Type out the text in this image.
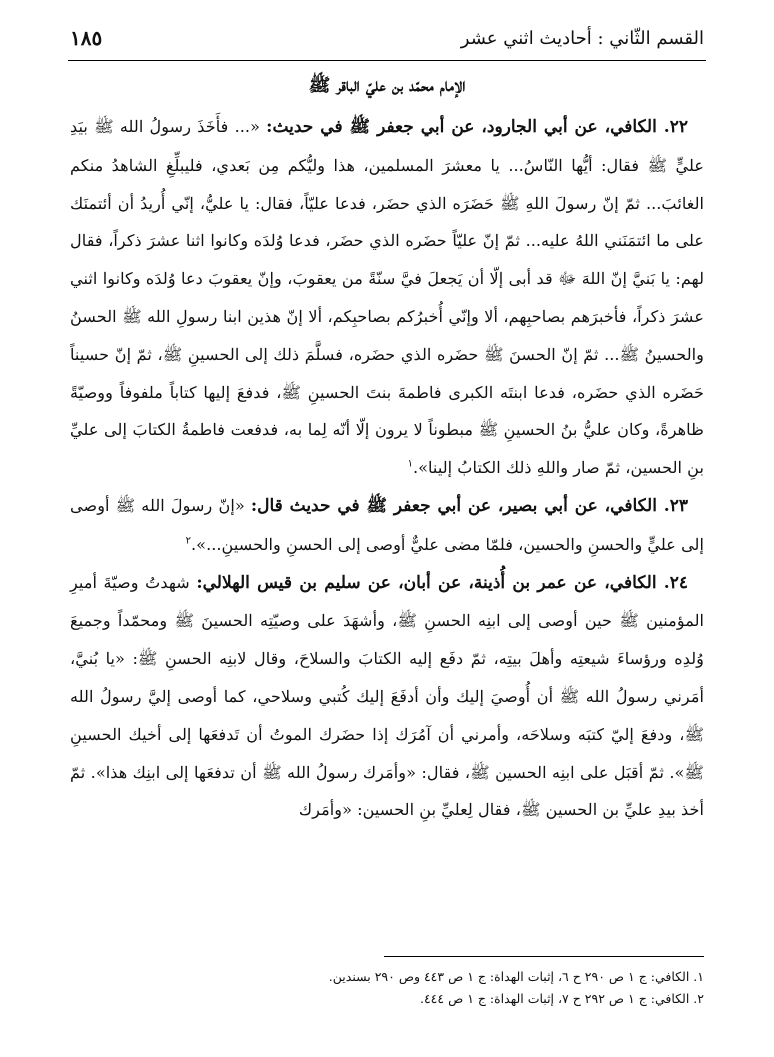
القسم الثّاني : أحاديث اثني عشر
١٨٥
الإمام محمّد بن عليّ الباقر ﷺ

٢٢. الكافي، عن أبي الجارود، عن أبي جعفر ﷺ في حديث: «... فأَخَذَ رسولُ الله ﷺ بيَدِ عليٍّ ﷺ فقال: أيُّها النّاسُ... يا معشرَ المسلمين، هذا وليُّكم مِن بَعدي، فليبلِّغِ الشاهدُ منكم الغائبَ... ثمّ إنّ رسولَ اللهِ ﷺ حَضَرَه الذي حضَر، فدعا عليّاً، فقال: يا عليُّ، إنّي أُريدُ أن أئتمنَك على ما ائتمَنَني اللهُ عليه... ثمّ إنّ عليّاً حضَره الذي حضَر، فدعا وُلدَه وكانوا اثنا عشرَ ذكراً، فقال لهم: يا بَنيَّ إنّ اللهَ ﷻ قد أبى إلّا أن يَجعلَ فيَّ سنّةً من يعقوبَ، وإنّ يعقوبَ دعا وُلدَه وكانوا اثني عشرَ ذكراً، فأخبرَهم بصاحبِهم، ألا وإنّي أُخبرُكم بصاحبِكم، ألا إنّ هذين ابنا رسولِ الله ﷺ الحسنُ والحسينُ ﷺ... ثمّ إنّ الحسنَ ﷺ حضَره الذي حضَره، فسلَّمَ ذلك إلى الحسينِ ﷺ، ثمّ إنّ حسيناً حَضَره الذي حضَره، فدعا ابنتَه الكبرى فاطمةَ بنتَ الحسينِ ﷺ، فدفعَ إليها كتاباً ملفوفاً ووصيّةً ظاهرةً، وكان عليُّ بنُ الحسينِ ﷺ مبطوناً لا يرون إلّا أنّه لِما به، فدفعت فاطمةُ الكتابَ إلى عليِّ بنِ الحسين، ثمّ صار واللهِ ذلك الكتابُ إلينا».$^١$

٢٣. الكافي، عن أبي بصير، عن أبي جعفر ﷺ في حديث قال: «إنّ رسولَ الله ﷺ أوصى إلى عليٍّ والحسنِ والحسين، فلمّا مضى عليٌّ أوصى إلى الحسنِ والحسينِ...».$^٢$

٢٤. الكافي، عن عمر بن أُذينة، عن أبان، عن سليم بن قيس الهلالي: شهدتُ وصيّةَ أميرِ المؤمنين ﷺ حين أوصى إلى ابنِه الحسنِ ﷺ، وأشهَدَ على وصيّتِه الحسينَ ﷺ ومحمّداً وجميعَ وُلدِه ورؤساءَ شيعتِه وأهلَ بيتِه، ثمّ دفَع إليه الكتابَ والسلاحَ، وقال لابنِه الحسنِ ﷺ: «يا بُنيَّ، أمَرني رسولُ الله ﷺ أن أُوصيَ إليك وأن أدفَعَ إليك كُتبي وسلاحي، كما أوصى إليَّ رسولُ الله ﷺ، ودفعَ إليّ كتبَه وسلاحَه، وأمرني أن آمُرَك إذا حضَرك الموتُ أن تَدفعَها إلى أخيك الحسينِ ﷺ». ثمّ أقبَل على ابنِه الحسين ﷺ، فقال: «وأمَرك رسولُ الله ﷺ أن تدفعَها إلى ابنِك هذا». ثمّ أخذ بيدِ عليِّ بن الحسين ﷺ، فقال لِعليِّ بنِ الحسين: «وأمَرك

١. الكافي: ج ١ ص ٢٩٠ ح ٦، إثبات الهداة: ج ١ ص ٤٤٣ وص ٢٩٠ بسندين.
٢. الكافي: ج ١ ص ٢٩٢ ح ٧، إثبات الهداة: ج ١ ص ٤٤٤.
